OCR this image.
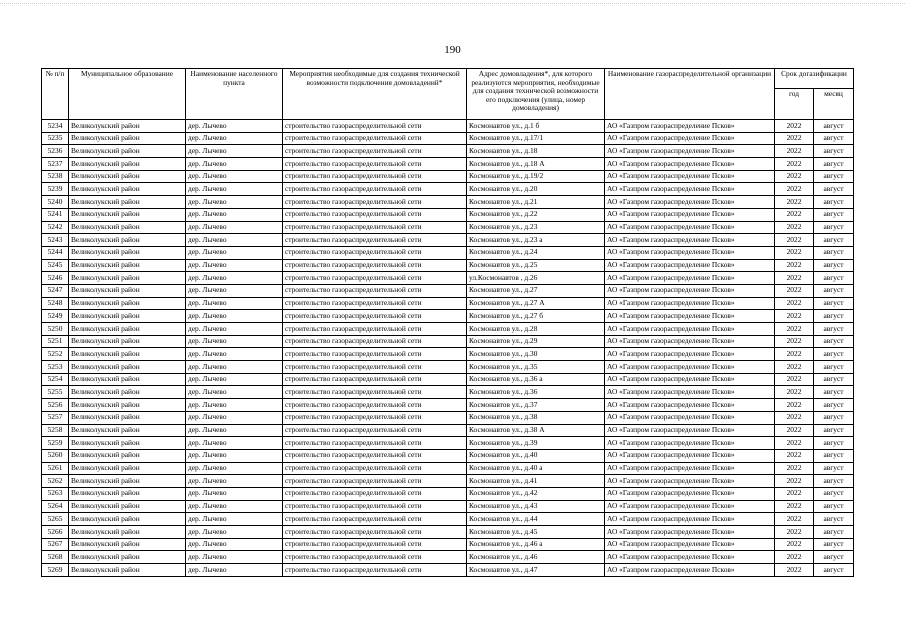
190
№ п/п	Муниципальное образование	Наименование населенного пункта	Мероприятия необходимые для создания технической возможности подключения домовладений*	Адрес домовладения*, для которого реализуются мероприятия, необходимые для создания технической возможности его подключения (улица, номер домовладения)	Наименование газораспределительной организации	Срок догазификации	
						год	месяц
5234	Великолукский район	дер. Лычево	строительство газораспределительной сети	Космонавтов ул., д.1 б	АО «Газпром газораспределение Псков»	2022	август
5235	Великолукский район	дер. Лычево	строительство газораспределительной сети	Космонавтов ул., д.17/1	АО «Газпром газораспределение Псков»	2022	август
5236	Великолукский район	дер. Лычево	строительство газораспределительной сети	Космонавтов ул., д.18	АО «Газпром газораспределение Псков»	2022	август
5237	Великолукский район	дер. Лычево	строительство газораспределительной сети	Космонавтов ул., д.18 А	АО «Газпром газораспределение Псков»	2022	август
5238	Великолукский район	дер. Лычево	строительство газораспределительной сети	Космонавтов ул., д.19/2	АО «Газпром газораспределение Псков»	2022	август
5239	Великолукский район	дер. Лычево	строительство газораспределительной сети	Космонавтов ул., д.20	АО «Газпром газораспределение Псков»	2022	август
5240	Великолукский район	дер. Лычево	строительство газораспределительной сети	Космонавтов ул., д.21	АО «Газпром газораспределение Псков»	2022	август
5241	Великолукский район	дер. Лычево	строительство газораспределительной сети	Космонавтов ул., д.22	АО «Газпром газораспределение Псков»	2022	август
5242	Великолукский район	дер. Лычево	строительство газораспределительной сети	Космонавтов ул., д.23	АО «Газпром газораспределение Псков»	2022	август
5243	Великолукский район	дер. Лычево	строительство газораспределительной сети	Космонавтов ул., д.23 а	АО «Газпром газораспределение Псков»	2022	август
5244	Великолукский район	дер. Лычево	строительство газораспределительной сети	Космонавтов ул., д.24	АО «Газпром газораспределение Псков»	2022	август
5245	Великолукский район	дер. Лычево	строительство газораспределительной сети	Космонавтов ул., д.25	АО «Газпром газораспределение Псков»	2022	август
5246	Великолукский район	дер. Лычево	строительство газораспределительной сети	ул.Космонавтов , д.26	АО «Газпром газораспределение Псков»	2022	август
5247	Великолукский район	дер. Лычево	строительство газораспределительной сети	Космонавтов ул., д.27	АО «Газпром газораспределение Псков»	2022	август
5248	Великолукский район	дер. Лычево	строительство газораспределительной сети	Космонавтов ул., д.27 А	АО «Газпром газораспределение Псков»	2022	август
5249	Великолукский район	дер. Лычево	строительство газораспределительной сети	Космонавтов ул., д.27 б	АО «Газпром газораспределение Псков»	2022	август
5250	Великолукский район	дер. Лычево	строительство газораспределительной сети	Космонавтов ул., д.28	АО «Газпром газораспределение Псков»	2022	август
5251	Великолукский район	дер. Лычево	строительство газораспределительной сети	Космонавтов ул., д.29	АО «Газпром газораспределение Псков»	2022	август
5252	Великолукский район	дер. Лычево	строительство газораспределительной сети	Космонавтов ул., д.30	АО «Газпром газораспределение Псков»	2022	август
5253	Великолукский район	дер. Лычево	строительство газораспределительной сети	Космонавтов ул., д.35	АО «Газпром газораспределение Псков»	2022	август
5254	Великолукский район	дер. Лычево	строительство газораспределительной сети	Космонавтов ул., д.36 а	АО «Газпром газораспределение Псков»	2022	август
5255	Великолукский район	дер. Лычево	строительство газораспределительной сети	Космонавтов ул., д.36	АО «Газпром газораспределение Псков»	2022	август
5256	Великолукский район	дер. Лычево	строительство газораспределительной сети	Космонавтов ул., д.37	АО «Газпром газораспределение Псков»	2022	август
5257	Великолукский район	дер. Лычево	строительство газораспределительной сети	Космонавтов ул., д.38	АО «Газпром газораспределение Псков»	2022	август
5258	Великолукский район	дер. Лычево	строительство газораспределительной сети	Космонавтов ул., д.38 А	АО «Газпром газораспределение Псков»	2022	август
5259	Великолукский район	дер. Лычево	строительство газораспределительной сети	Космонавтов ул., д.39	АО «Газпром газораспределение Псков»	2022	август
5260	Великолукский район	дер. Лычево	строительство газораспределительной сети	Космонавтов ул., д.40	АО «Газпром газораспределение Псков»	2022	август
5261	Великолукский район	дер. Лычево	строительство газораспределительной сети	Космонавтов ул., д.40 а	АО «Газпром газораспределение Псков»	2022	август
5262	Великолукский район	дер. Лычево	строительство газораспределительной сети	Космонавтов ул., д.41	АО «Газпром газораспределение Псков»	2022	август
5263	Великолукский район	дер. Лычево	строительство газораспределительной сети	Космонавтов ул., д.42	АО «Газпром газораспределение Псков»	2022	август
5264	Великолукский район	дер. Лычево	строительство газораспределительной сети	Космонавтов ул., д.43	АО «Газпром газораспределение Псков»	2022	август
5265	Великолукский район	дер. Лычево	строительство газораспределительной сети	Космонавтов ул., д.44	АО «Газпром газораспределение Псков»	2022	август
5266	Великолукский район	дер. Лычево	строительство газораспределительной сети	Космонавтов ул., д.45	АО «Газпром газораспределение Псков»	2022	август
5267	Великолукский район	дер. Лычево	строительство газораспределительной сети	Космонавтов ул., д.46 а	АО «Газпром газораспределение Псков»	2022	август
5268	Великолукский район	дер. Лычево	строительство газораспределительной сети	Космонавтов ул., д.46	АО «Газпром газораспределение Псков»	2022	август
5269	Великолукский район	дер. Лычево	строительство газораспределительной сети	Космонавтов ул., д.47	АО «Газпром газораспределение Псков»	2022	август
